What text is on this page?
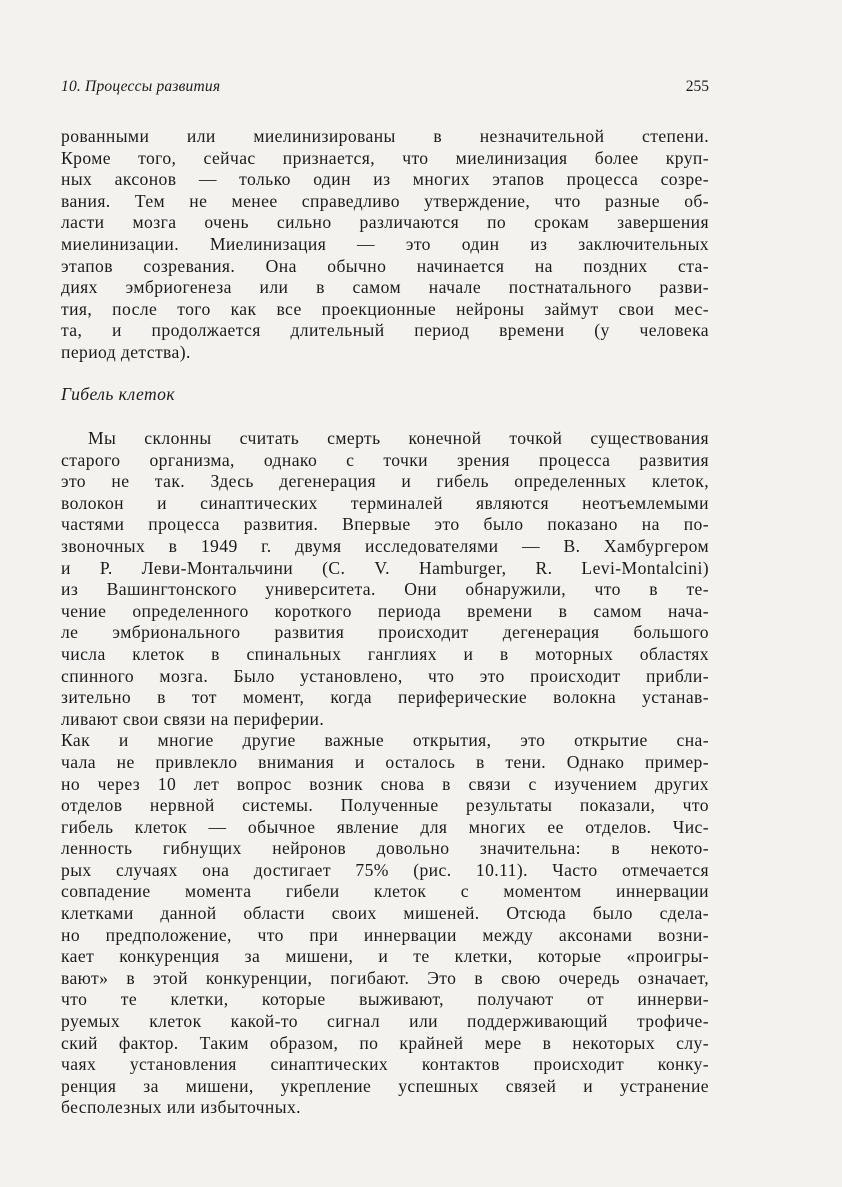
10. Процессы развития	255
рованными или миелинизированы в незначительной степени.
Кроме того, сейчас признается, что миелинизация более круп-
ных аксонов — только один из многих этапов процесса созре-
вания. Тем не менее справедливо утверждение, что разные об-
ласти мозга очень сильно различаются по срокам завершения
миелинизации. Миелинизация — это один из заключительных
этапов созревания. Она обычно начинается на поздних ста-
диях эмбриогенеза или в самом начале постнатального разви-
тия, после того как все проекционные нейроны займут свои мес-
та, и продолжается длительный период времени (у человека
период детства).
Гибель клеток
Мы склонны считать смерть конечной точкой существования
старого организма, однако с точки зрения процесса развития
это не так. Здесь дегенерация и гибель определенных клеток,
волокон и синаптических терминалей являются неотъемлемыми
частями процесса развития. Впервые это было показано на по-
звоночных в 1949 г. двумя исследователями — В. Хамбургером
и Р. Леви-Монтальчини (С. V. Hamburger, R. Levi-Montalcini)
из Вашингтонского университета. Они обнаружили, что в те-
чение определенного короткого периода времени в самом нача-
ле эмбрионального развития происходит дегенерация большого
числа клеток в спинальных ганглиях и в моторных областях
спинного мозга. Было установлено, что это происходит прибли-
зительно в тот момент, когда периферические волокна устанав-
ливают свои связи на периферии.
Как и многие другие важные открытия, это открытие сна-
чала не привлекло внимания и осталось в тени. Однако пример-
но через 10 лет вопрос возник снова в связи с изучением других
отделов нервной системы. Полученные результаты показали, что
гибель клеток — обычное явление для многих ее отделов. Чис-
ленность гибнущих нейронов довольно значительна: в некото-
рых случаях она достигает 75% (рис. 10.11). Часто отмечается
совпадение момента гибели клеток с моментом иннервации
клетками данной области своих мишеней. Отсюда было сдела-
но предположение, что при иннервации между аксонами возни-
кает конкуренция за мишени, и те клетки, которые «проигры-
вают» в этой конкуренции, погибают. Это в свою очередь означает,
что те клетки, которые выживают, получают от иннерви-
руемых клеток какой-то сигнал или поддерживающий трофиче-
ский фактор. Таким образом, по крайней мере в некоторых слу-
чаях установления синаптических контактов происходит конку-
ренция за мишени, укрепление успешных связей и устранение
бесполезных или избыточных.
